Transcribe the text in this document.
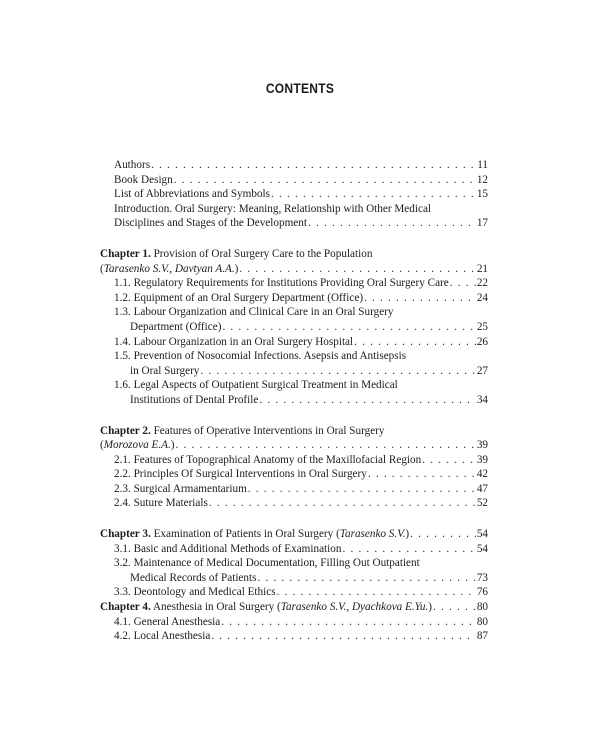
CONTENTS
Authors . . .	11
Book Design . . .	12
List of Abbreviations and Symbols . . .	15
Introduction. Oral Surgery: Meaning, Relationship with Other Medical
Disciplines and Stages of the Development . . .	17
Chapter 1. Provision of Oral Surgery Care to the Population
(Tarasenko S.V., Davtyan A.A.) . . .	21
1.1. Regulatory Requirements for Institutions Providing Oral Surgery Care . . .	22
1.2. Equipment of an Oral Surgery Department (Office) . . .	24
1.3. Labour Organization and Clinical Care in an Oral Surgery
Department (Office) . . .	25
1.4. Labour Organization in an Oral Surgery Hospital . . .	26
1.5. Prevention of Nosocomial Infections. Asepsis and Antisepsis
in Oral Surgery . . .	27
1.6. Legal Aspects of Outpatient Surgical Treatment in Medical
Institutions of Dental Profile . . .	34
Chapter 2. Features of Operative Interventions in Oral Surgery
(Morozova E.A.) . . .	39
2.1. Features of Topographical Anatomy of the Maxillofacial Region . . .	39
2.2. Principles Of Surgical Interventions in Oral Surgery . . .	42
2.3. Surgical Armamentarium . . .	47
2.4. Suture Materials . . .	52
Chapter 3. Examination of Patients in Oral Surgery (Tarasenko S.V.) . . .	54
3.1. Basic and Additional Methods of Examination . . .	54
3.2. Maintenance of Medical Documentation, Filling Out Outpatient
Medical Records of Patients . . .	73
3.3. Deontology and Medical Ethics . . .	76
Chapter 4. Anesthesia in Oral Surgery (Tarasenko S.V., Dyachkova E.Yu.) . . .	80
4.1. General Anesthesia . . .	80
4.2. Local Anesthesia . . .	87
